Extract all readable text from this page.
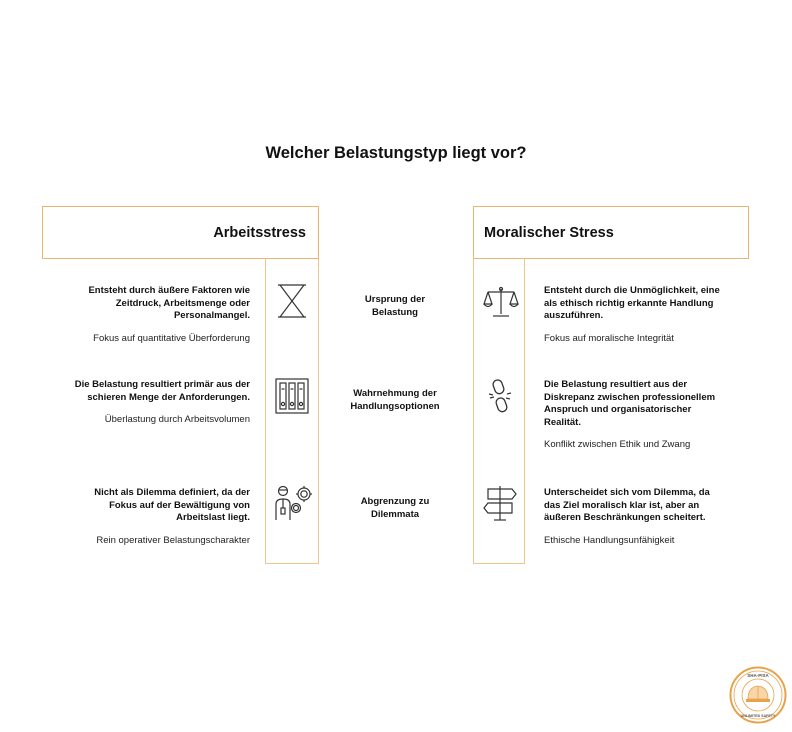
Welcher Belastungstyp liegt vor?
Arbeitsstress	Moralischer Stress
Entsteht durch äußere Faktoren wie
Zeitdruck, Arbeitsmenge oder
Personalmangel.
Fokus auf quantitative Überforderung
Ursprung der
Belastung
Entsteht durch die Unmöglichkeit, eine
als ethisch richtig erkannte Handlung
auszuführen.
Fokus auf moralische Integrität
Die Belastung resultiert primär aus der
schieren Menge der Anforderungen.
Überlastung durch Arbeitsvolumen
Wahrnehmung der
Handlungsoptionen
Die Belastung resultiert aus der
Diskrepanz zwischen professionellem
Anspruch und organisatorischer
Realität.
Konflikt zwischen Ethik und Zwang
Nicht als Dilemma definiert, da der
Fokus auf der Bewältigung von
Arbeitslast liegt.
Rein operativer Belastungscharakter
Abgrenzung zu
Dilemmata
Unterscheidet sich vom Dilemma, da
das Ziel moralisch klar ist, aber an
äußeren Beschränkungen scheitert.
Ethische Handlungsunfähigkeit
SHA-PISA
UNLIMITED SAFETY
